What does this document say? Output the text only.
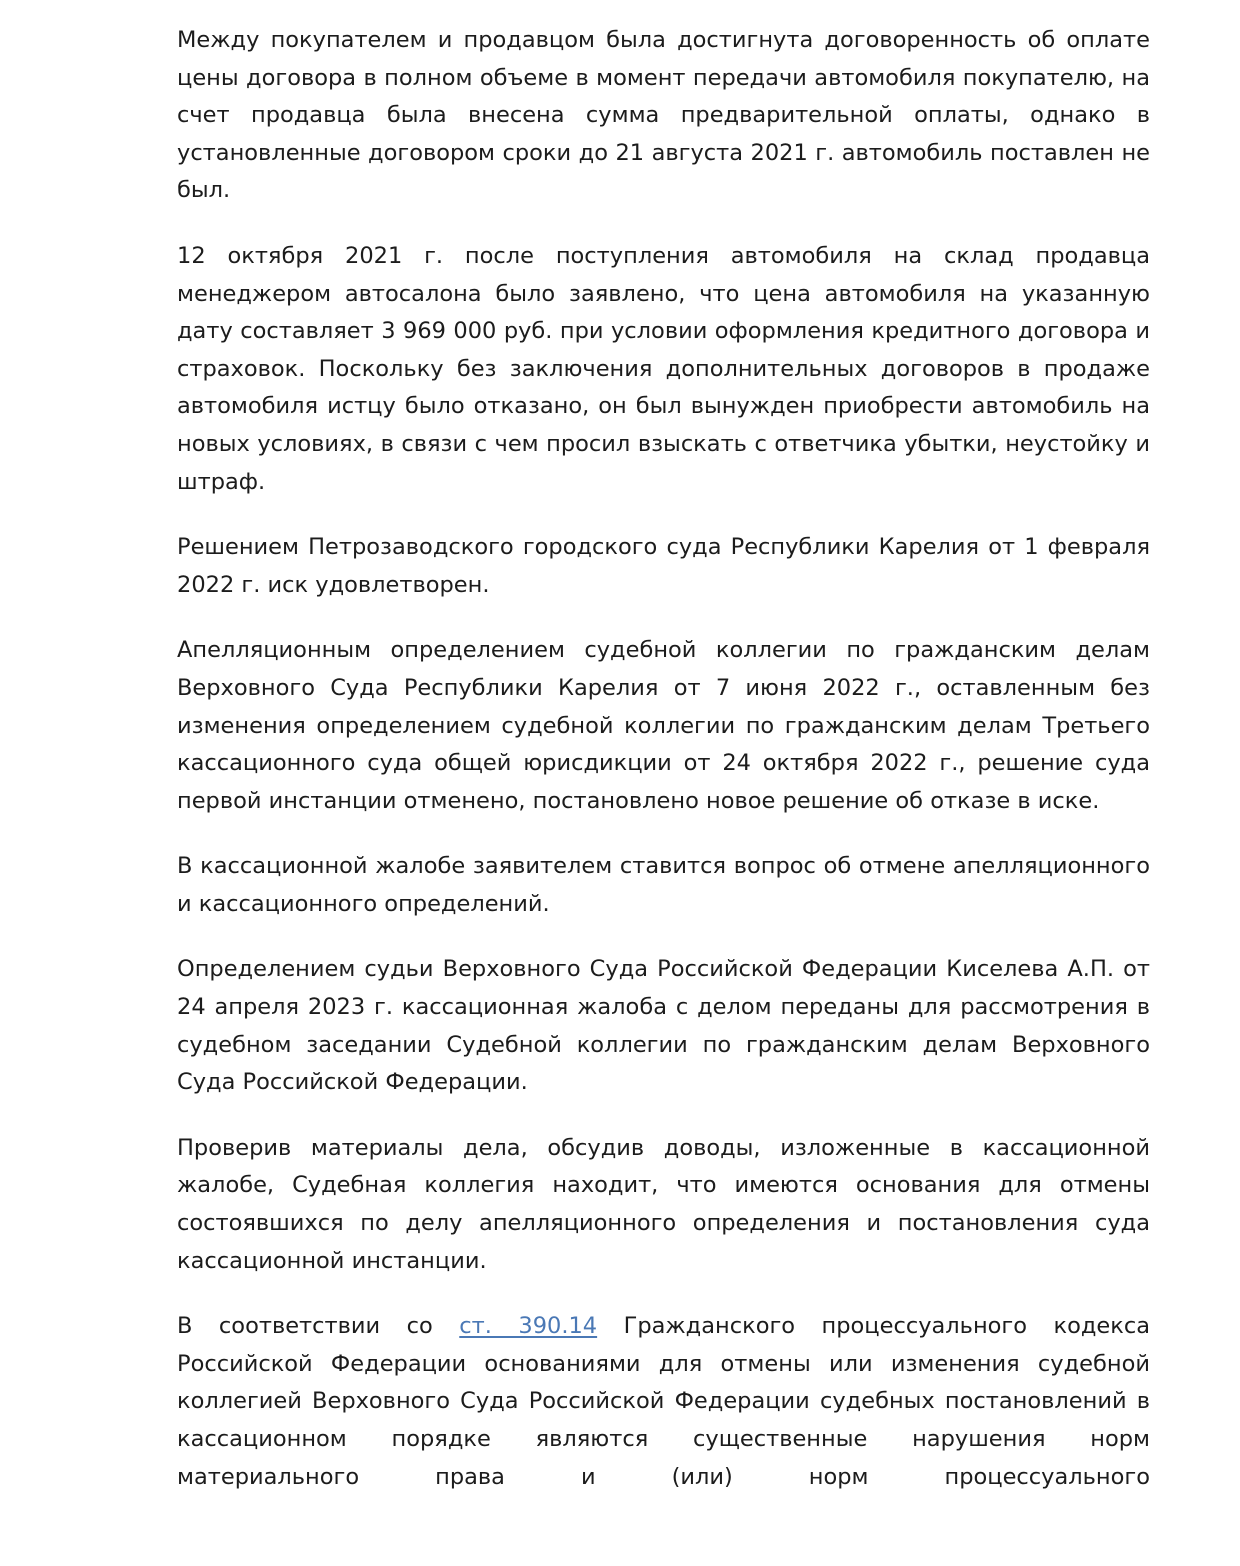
Между покупателем и продавцом была достигнута договоренность об оплате цены договора в полном объеме в момент передачи автомобиля покупателю, на счет продавца была внесена сумма предварительной оплаты, однако в установленные договором сроки до 21 августа 2021 г. автомобиль поставлен не был.

12 октября 2021 г. после поступления автомобиля на склад продавца менеджером автосалона было заявлено, что цена автомобиля на указанную дату составляет 3 969 000 руб. при условии оформления кредитного договора и страховок. Поскольку без заключения дополнительных договоров в продаже автомобиля истцу было отказано, он был вынужден приобрести автомобиль на новых условиях, в связи с чем просил взыскать с ответчика убытки, неустойку и штраф.

Решением Петрозаводского городского суда Республики Карелия от 1 февраля 2022 г. иск удовлетворен.

Апелляционным определением судебной коллегии по гражданским делам Верховного Суда Республики Карелия от 7 июня 2022 г., оставленным без изменения определением судебной коллегии по гражданским делам Третьего кассационного суда общей юрисдикции от 24 октября 2022 г., решение суда первой инстанции отменено, постановлено новое решение об отказе в иске.

В кассационной жалобе заявителем ставится вопрос об отмене апелляционного и кассационного определений.

Определением судьи Верховного Суда Российской Федерации Киселева А.П. от 24 апреля 2023 г. кассационная жалоба с делом переданы для рассмотрения в судебном заседании Судебной коллегии по гражданским делам Верховного Суда Российской Федерации.

Проверив материалы дела, обсудив доводы, изложенные в кассационной жалобе, Судебная коллегия находит, что имеются основания для отмены состоявшихся по делу апелляционного определения и постановления суда кассационной инстанции.

В соответствии со ст. 390.14 Гражданского процессуального кодекса Российской Федерации основаниями для отмены или изменения судебной коллегией Верховного Суда Российской Федерации судебных постановлений в кассационном порядке являются существенные нарушения норм материального права и (или) норм процессуального
